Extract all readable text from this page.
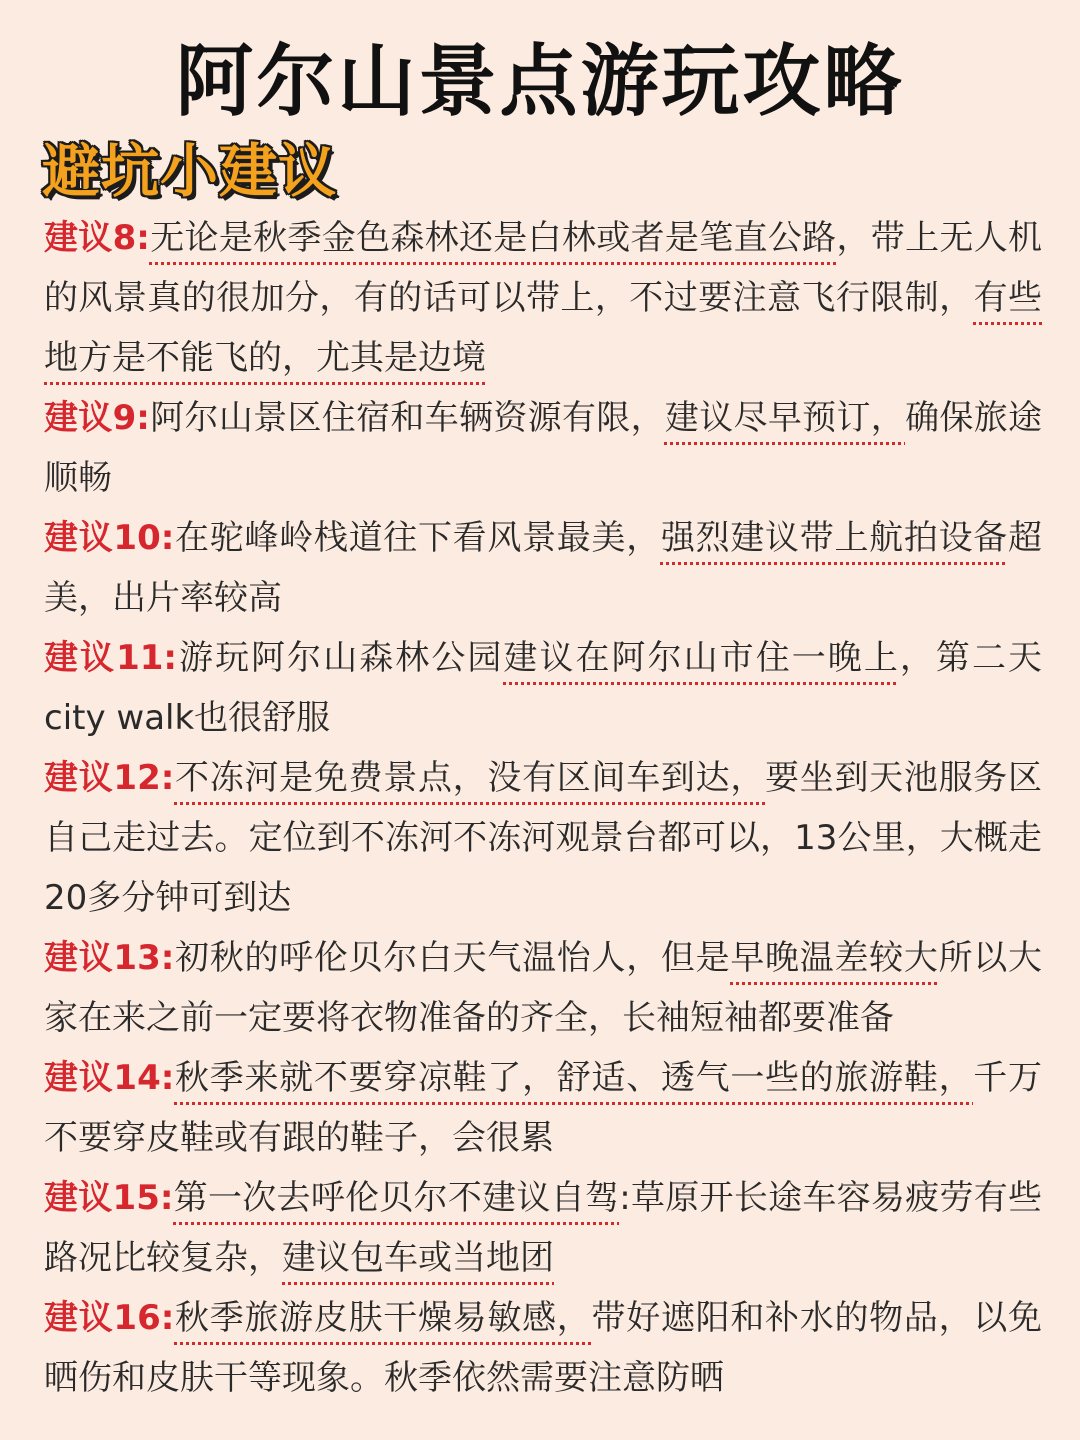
阿尔山景点游玩攻略
避坑小建议
建议8:无论是秋季金色森林还是白林或者是笔直公路，带上无人机的风景真的很加分，有的话可以带上，不过要注意飞行限制，有些地方是不能飞的，尤其是边境
建议9:阿尔山景区住宿和车辆资源有限，建议尽早预订，确保旅途顺畅
建议10:在驼峰岭栈道往下看风景最美，强烈建议带上航拍设备超美，出片率较高
建议11:游玩阿尔山森林公园建议在阿尔山市住一晚上，第二天city walk也很舒服
建议12:不冻河是免费景点，没有区间车到达，要坐到天池服务区自己走过去。定位到不冻河不冻河观景台都可以，13公里，大概走20多分钟可到达
建议13:初秋的呼伦贝尔白天气温怡人，但是早晚温差较大所以大家在来之前一定要将衣物准备的齐全，长袖短袖都要准备
建议14:秋季来就不要穿凉鞋了，舒适、透气一些的旅游鞋，千万不要穿皮鞋或有跟的鞋子，会很累
建议15:第一次去呼伦贝尔不建议自驾:草原开长途车容易疲劳有些路况比较复杂，建议包车或当地团
建议16:秋季旅游皮肤干燥易敏感，带好遮阳和补水的物品，以免晒伤和皮肤干等现象。秋季依然需要注意防晒
